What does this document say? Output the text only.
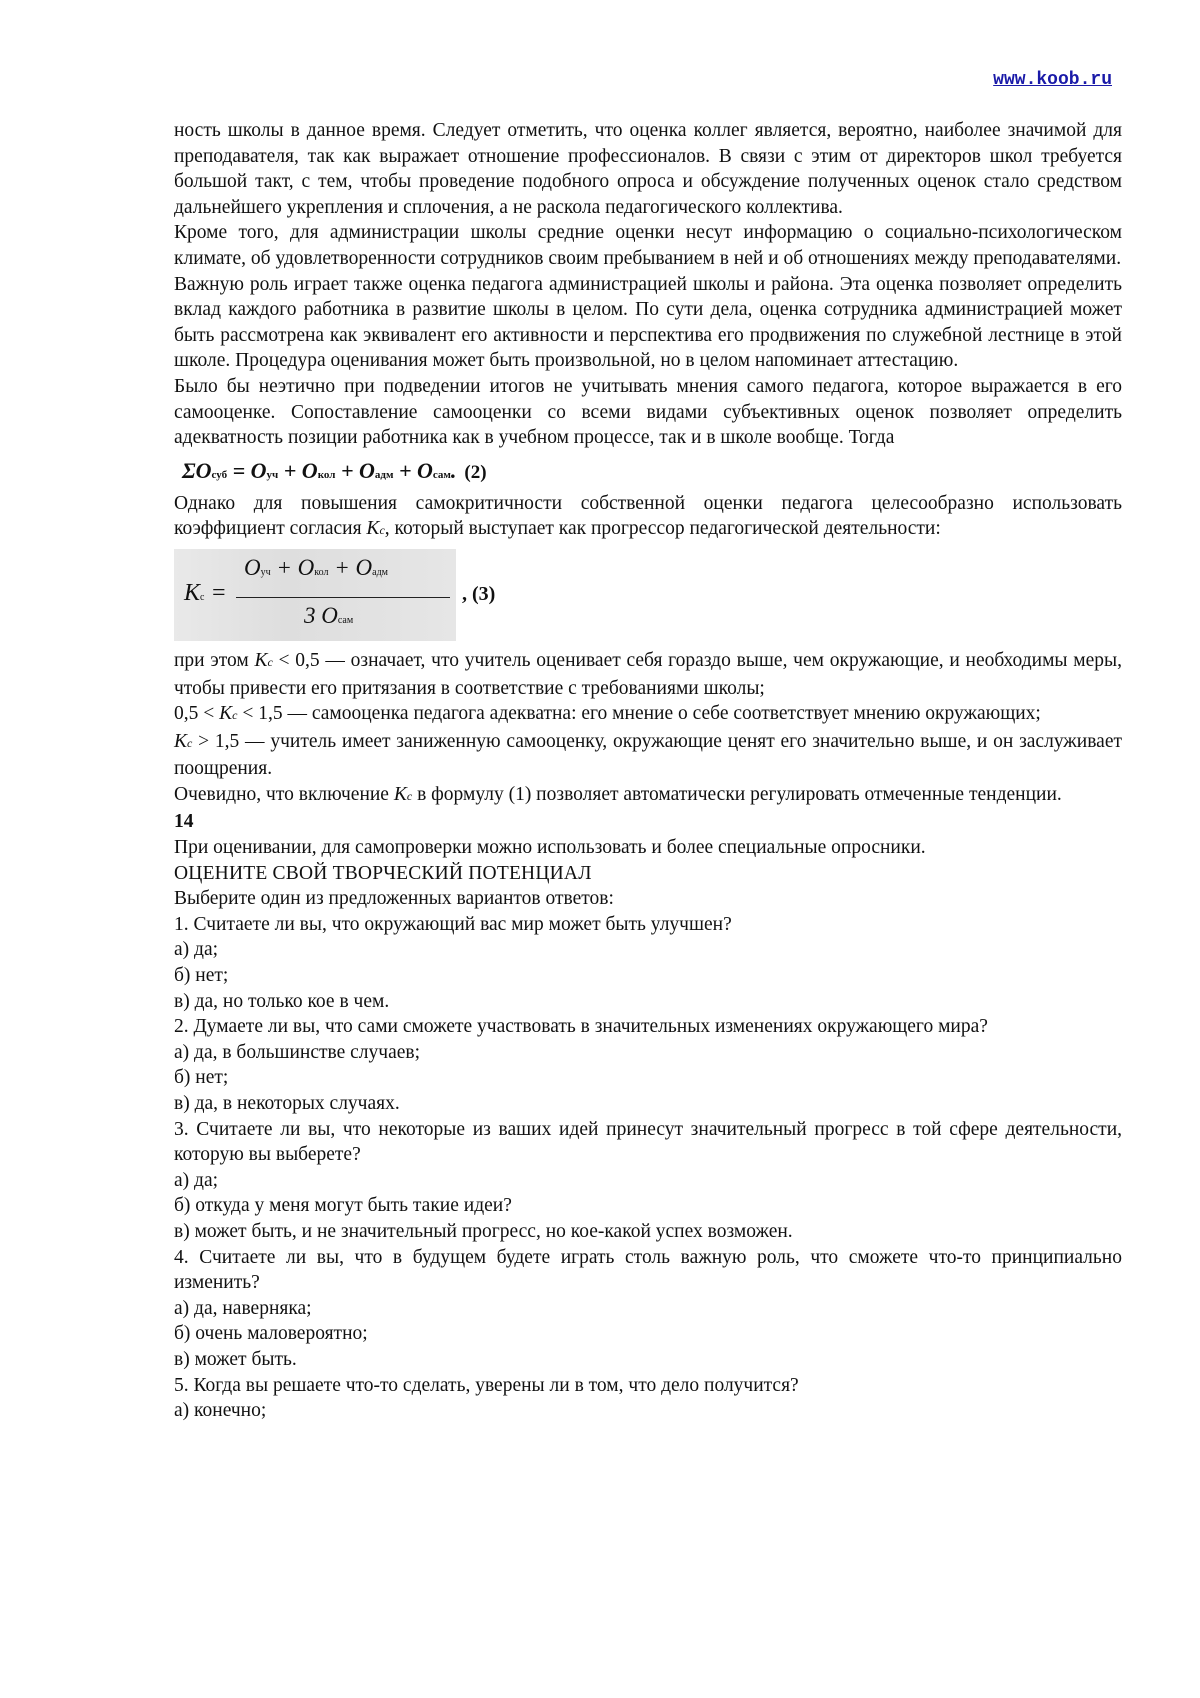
www.koob.ru

ность школы в данное время. Следует отметить, что оценка коллег является, вероятно, наиболее значимой для преподавателя, так как выражает отношение профессионалов. В связи с этим от директоров школ требуется большой такт, с тем, чтобы проведение подобного опроса и обсуждение полученных оценок стало средством дальнейшего укрепления и сплочения, а не раскола педагогического коллектива.

Кроме того, для администрации школы средние оценки несут информацию о социально-психологическом климате, об удовлетворенности сотрудников своим пребыванием в ней и об отношениях между преподавателями.

Важную роль играет также оценка педагога администрацией школы и района. Эта оценка позволяет определить вклад каждого работника в развитие школы в целом. По сути дела, оценка сотрудника администрацией может быть рассмотрена как эквивалент его активности и перспектива его продвижения по служебной лестнице в этой школе. Процедура оценивания может быть произвольной, но в целом напоминает аттестацию.

Было бы неэтично при подведении итогов не учитывать мнения самого педагога, которое выражается в его самооценке. Сопоставление самооценки со всеми видами субъективных оценок позволяет определить адекватность позиции работника как в учебном процессе, так и в школе вообще. Тогда

ΣOсуб = Oуч + Oкол + Oадм + Oсам. (2)

Однако для повышения самокритичности собственной оценки педагога целесообразно использовать коэффициент согласия Kc, который выступает как прогрессор педагогической деятельности:

Kc =
Oуч + Oкол + Oадм
3 Oсам
, (3)

при этом Kc < 0,5 — означает, что учитель оценивает себя гораздо выше, чем окружающие, и необходимы меры, чтобы привести его притязания в соответствие с требованиями школы;

0,5 < Kc < 1,5 — самооценка педагога адекватна: его мнение о себе соответствует мнению окружающих;

Kc > 1,5 — учитель имеет заниженную самооценку, окружающие ценят его значительно выше, и он заслуживает поощрения.

Очевидно, что включение Kc в формулу (1) позволяет автоматически регулировать отмеченные тенденции.

14

При оценивании, для самопроверки можно использовать и более специальные опросники.

ОЦЕНИТЕ СВОЙ ТВОРЧЕСКИЙ ПОТЕНЦИАЛ

Выберите один из предложенных вариантов ответов:

1. Считаете ли вы, что окружающий вас мир может быть улучшен?

а) да;

б) нет;

в) да, но только кое в чем.

2. Думаете ли вы, что сами сможете участвовать в значительных изменениях окружающего мира?

а) да, в большинстве случаев;

б) нет;

в) да, в некоторых случаях.

3. Считаете ли вы, что некоторые из ваших идей принесут значительный прогресс в той сфере деятельности, которую вы выберете?

а) да;

б) откуда у меня могут быть такие идеи?

в) может быть, и не значительный прогресс, но кое-какой успех возможен.

4. Считаете ли вы, что в будущем будете играть столь важную роль, что сможете что-то принципиально изменить?

а) да, наверняка;

б) очень маловероятно;

в) может быть.

5. Когда вы решаете что-то сделать, уверены ли в том, что дело получится?

а) конечно;
